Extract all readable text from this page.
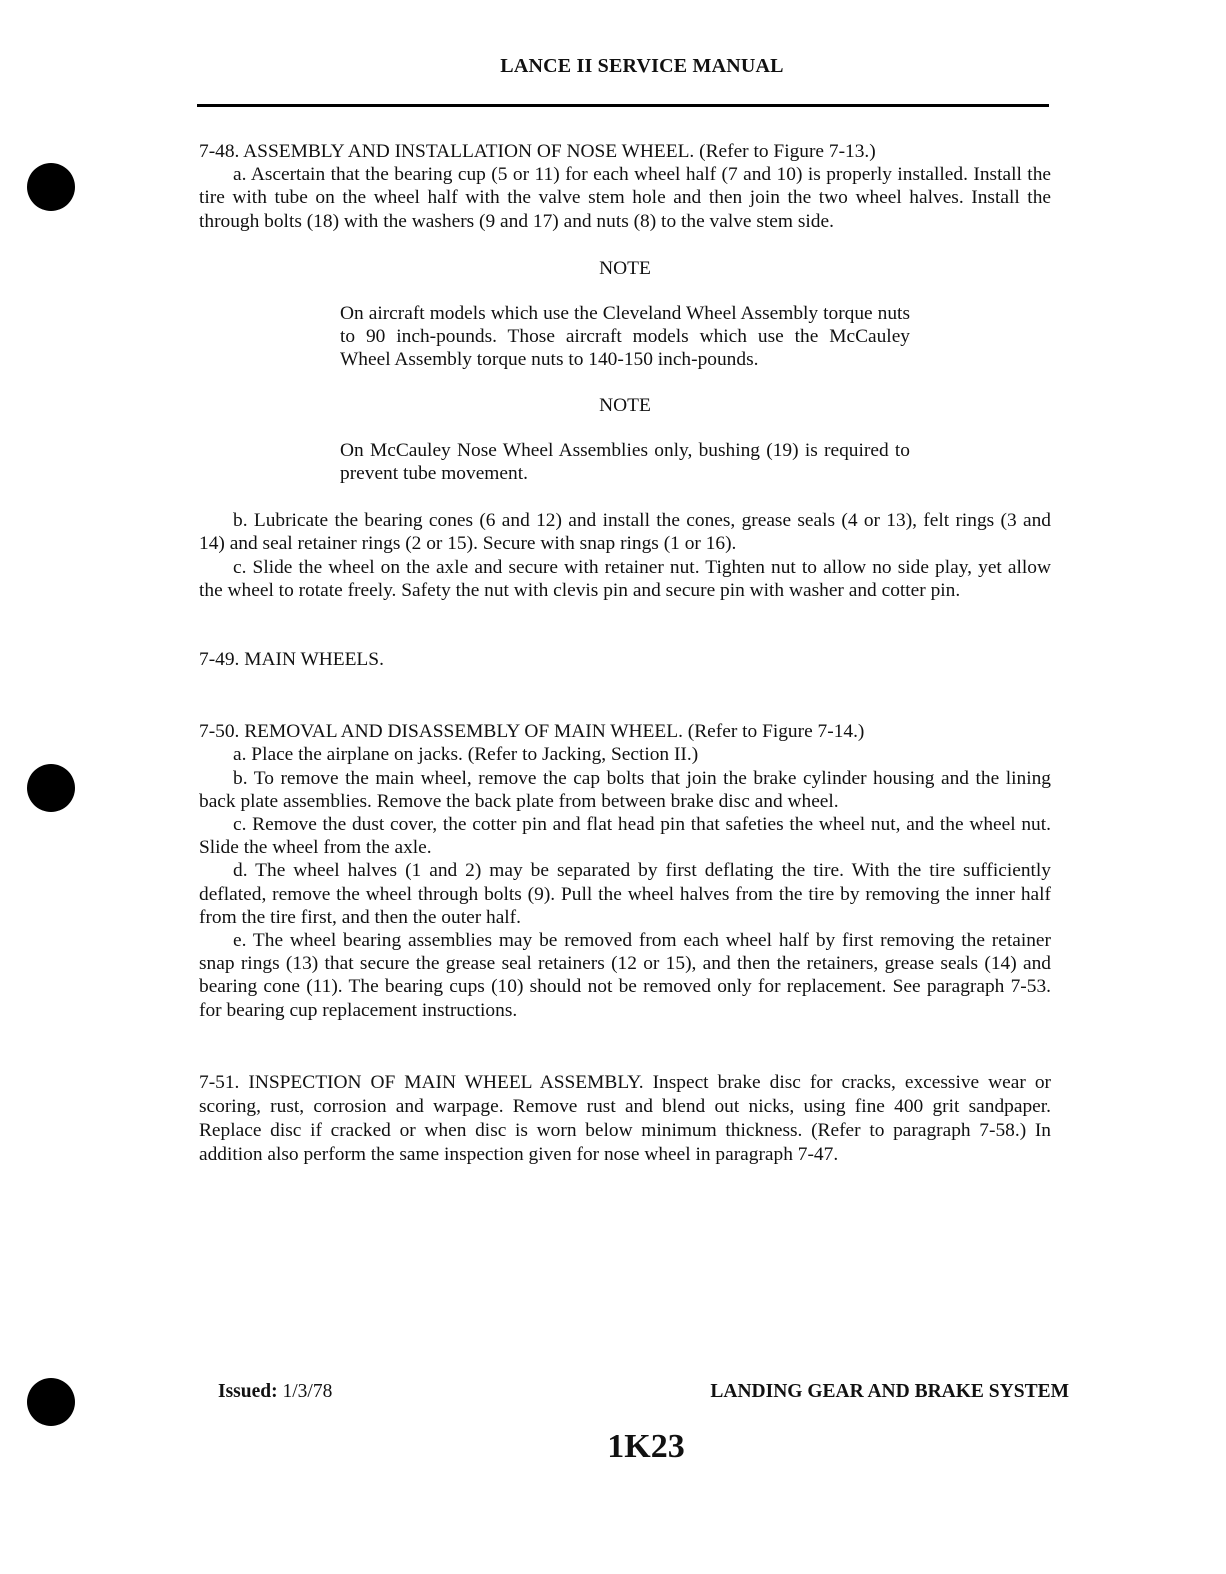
LANCE II SERVICE MANUAL

7-48. ASSEMBLY AND INSTALLATION OF NOSE WHEEL. (Refer to Figure 7-13.)

a. Ascertain that the bearing cup (5 or 11) for each wheel half (7 and 10) is properly installed. Install the tire with tube on the wheel half with the valve stem hole and then join the two wheel halves. Install the through bolts (18) with the washers (9 and 17) and nuts (8) to the valve stem side.

NOTE

On aircraft models which use the Cleveland Wheel Assembly torque nuts to 90 inch-pounds. Those aircraft models which use the McCauley Wheel Assembly torque nuts to 140-150 inch-pounds.

NOTE

On McCauley Nose Wheel Assemblies only, bushing (19) is required to prevent tube movement.

b. Lubricate the bearing cones (6 and 12) and install the cones, grease seals (4 or 13), felt rings (3 and 14) and seal retainer rings (2 or 15). Secure with snap rings (1 or 16).

c. Slide the wheel on the axle and secure with retainer nut. Tighten nut to allow no side play, yet allow the wheel to rotate freely. Safety the nut with clevis pin and secure pin with washer and cotter pin.

7-49. MAIN WHEELS.

7-50. REMOVAL AND DISASSEMBLY OF MAIN WHEEL. (Refer to Figure 7-14.)

a. Place the airplane on jacks. (Refer to Jacking, Section II.)

b. To remove the main wheel, remove the cap bolts that join the brake cylinder housing and the lining back plate assemblies. Remove the back plate from between brake disc and wheel.

c. Remove the dust cover, the cotter pin and flat head pin that safeties the wheel nut, and the wheel nut. Slide the wheel from the axle.

d. The wheel halves (1 and 2) may be separated by first deflating the tire. With the tire sufficiently deflated, remove the wheel through bolts (9). Pull the wheel halves from the tire by removing the inner half from the tire first, and then the outer half.

e. The wheel bearing assemblies may be removed from each wheel half by first removing the retainer snap rings (13) that secure the grease seal retainers (12 or 15), and then the retainers, grease seals (14) and bearing cone (11). The bearing cups (10) should not be removed only for replacement. See paragraph 7-53. for bearing cup replacement instructions.

7-51. INSPECTION OF MAIN WHEEL ASSEMBLY. Inspect brake disc for cracks, excessive wear or scoring, rust, corrosion and warpage. Remove rust and blend out nicks, using fine 400 grit sandpaper. Replace disc if cracked or when disc is worn below minimum thickness. (Refer to paragraph 7-58.) In addition also perform the same inspection given for nose wheel in paragraph 7-47.

Issued: 1/3/78	LANDING GEAR AND BRAKE SYSTEM
1K23
